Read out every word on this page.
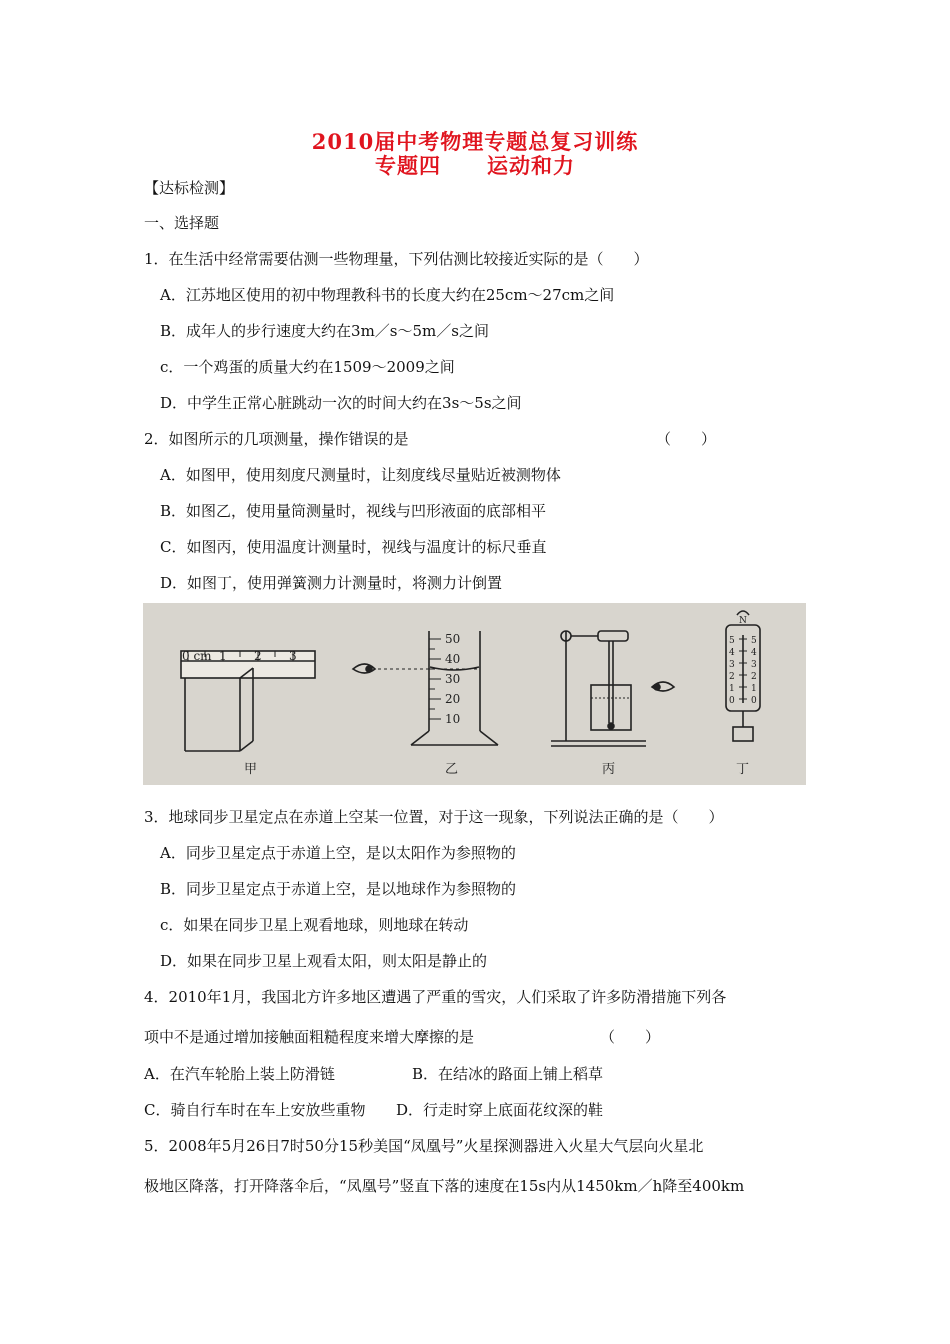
2010届中考物理专题总复习训练
专题四 运动和力
【达标检测】
一、选择题
1．在生活中经常需要估测一些物理量，下列估测比较接近实际的是（　　）
A．江苏地区使用的初中物理教科书的长度大约在25cm～27cm之间
B．成年人的步行速度大约在3m／s～5m／s之间
c．一个鸡蛋的质量大约在1509～2009之间
D．中学生正常心脏跳动一次的时间大约在3s～5s之间
2．如图所示的几项测量，操作错误的是	（　　）
A．如图甲，使用刻度尺测量时，让刻度线尽量贴近被测物体
B．如图乙，使用量筒测量时，视线与凹形液面的底部相平
C．如图丙，使用温度计测量时，视线与温度计的标尺垂直
D．如图丁，使用弹簧测力计测量时，将测力计倒置
0 cm 1 2 3
50
40
30
20
10
N
5
4
3
2
1
0
5
4
3
2
1
0
甲	乙	丙	丁
3．地球同步卫星定点在赤道上空某一位置，对于这一现象，下列说法正确的是（　　）
A．同步卫星定点于赤道上空，是以太阳作为参照物的
B．同步卫星定点于赤道上空，是以地球作为参照物的
c．如果在同步卫星上观看地球，则地球在转动
D．如果在同步卫星上观看太阳，则太阳是静止的
4．2010年1月，我国北方许多地区遭遇了严重的雪灾，人们采取了许多防滑措施下列各
项中不是通过增加接触面粗糙程度来增大摩擦的是	（　　）
A．在汽车轮胎上装上防滑链	B．在结冰的路面上铺上稻草
C．骑自行车时在车上安放些重物 D．行走时穿上底面花纹深的鞋
5．2008年5月26日7时50分15秒美国“凤凰号”火星探测器进入火星大气层向火星北
极地区降落，打开降落伞后，“凤凰号”竖直下落的速度在15s内从1450km／h降至400km
